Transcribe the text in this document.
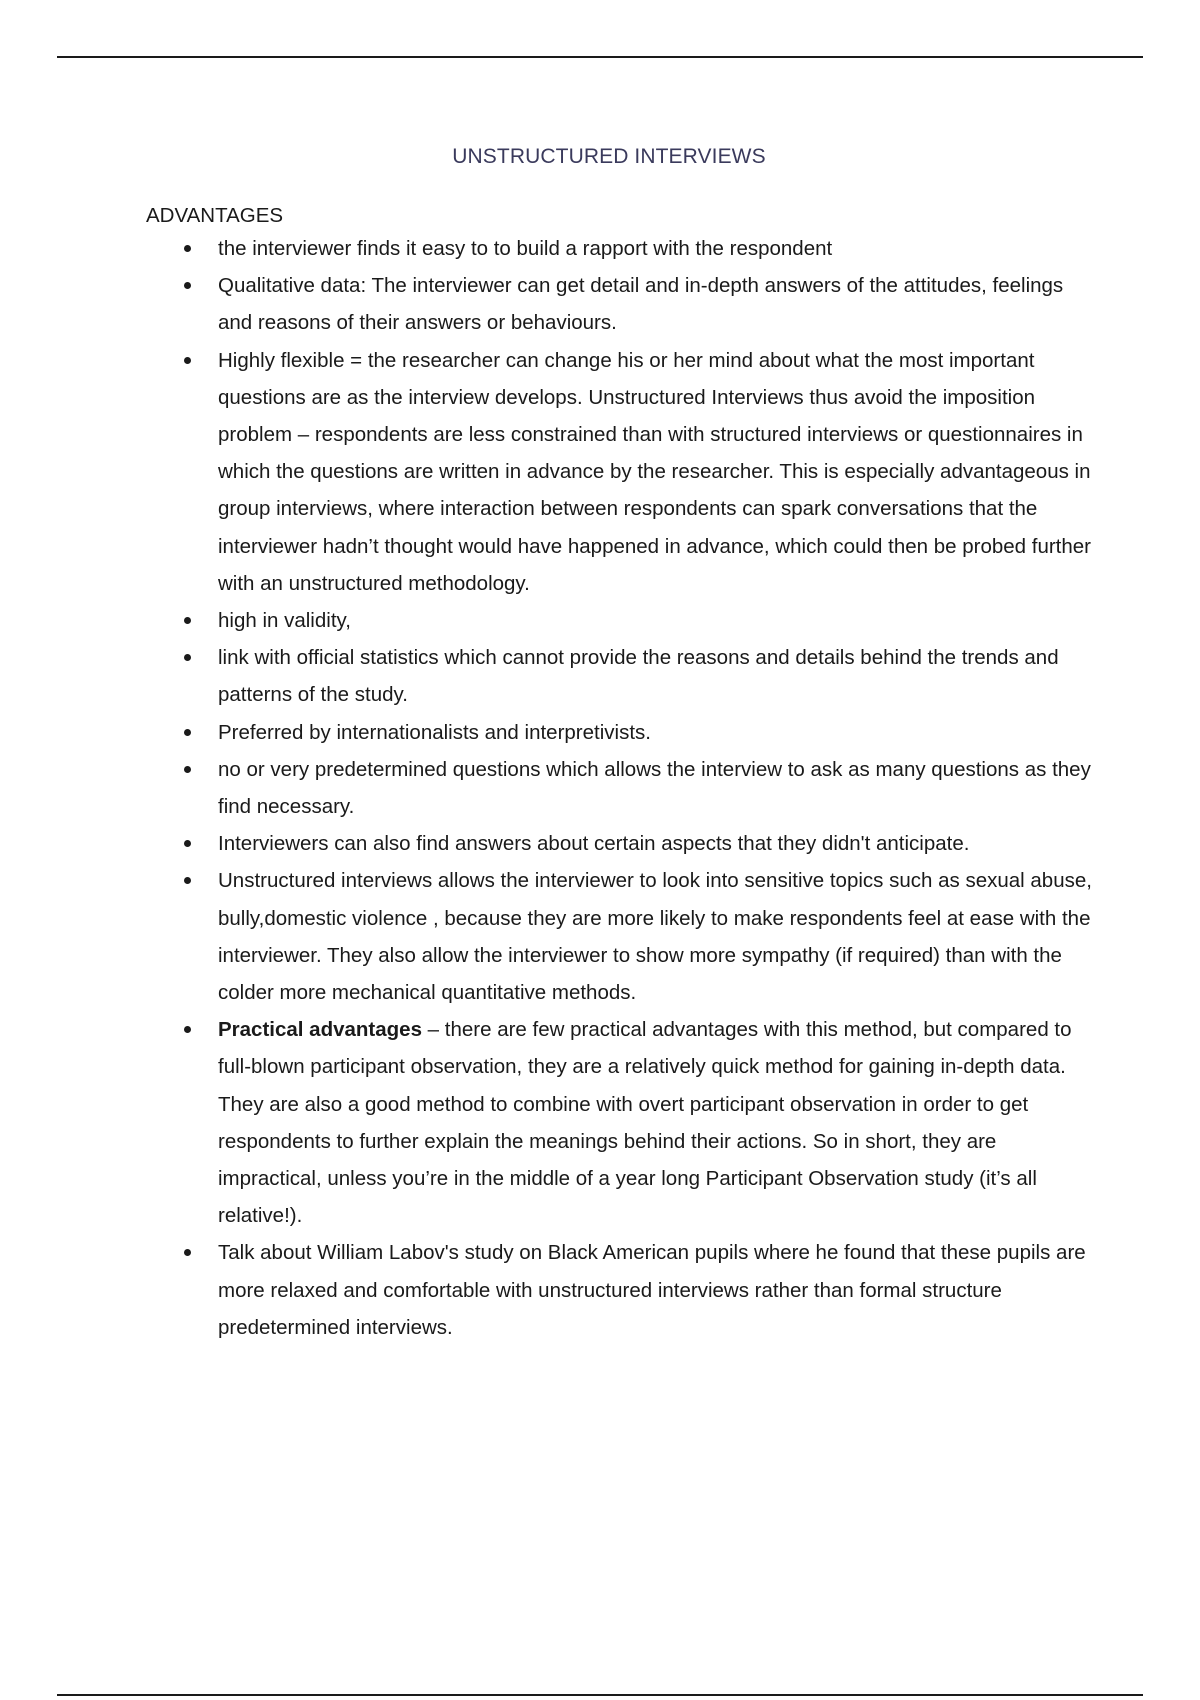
UNSTRUCTURED INTERVIEWS
ADVANTAGES
the interviewer finds it easy to to build a rapport with the respondent
Qualitative data: The interviewer can get detail and in-depth answers of the attitudes, feelings and reasons of their answers or behaviours.
Highly flexible = the researcher can change his or her mind about what the most important questions are as the interview develops. Unstructured Interviews thus avoid the imposition problem – respondents are less constrained than with structured interviews or questionnaires in which the questions are written in advance by the researcher. This is especially advantageous in group interviews, where interaction between respondents can spark conversations that the interviewer hadn’t thought would have happened in advance, which could then be probed further with an unstructured methodology.
high in validity,
link with official statistics which cannot provide the reasons and details behind the trends and patterns of the study.
Preferred by internationalists and interpretivists.
no or very predetermined questions which allows the interview to ask as many questions as they find necessary.
Interviewers can also find answers about certain aspects that they didn't anticipate.
Unstructured interviews allows the interviewer to look into sensitive topics such as sexual abuse, bully,domestic violence , because they are more likely to make respondents feel at ease with the interviewer. They also allow the interviewer to show more sympathy (if required) than with the colder more mechanical quantitative methods.
Practical advantages – there are few practical advantages with this method, but compared to full-blown participant observation, they are a relatively quick method for gaining in-depth data. They are also a good method to combine with overt participant observation in order to get respondents to further explain the meanings behind their actions. So in short, they are impractical, unless you’re in the middle of a year long Participant Observation study (it’s all relative!).
Talk about William Labov's study on Black American pupils where he found that these pupils are more relaxed and comfortable with unstructured interviews rather than formal structure predetermined interviews.
